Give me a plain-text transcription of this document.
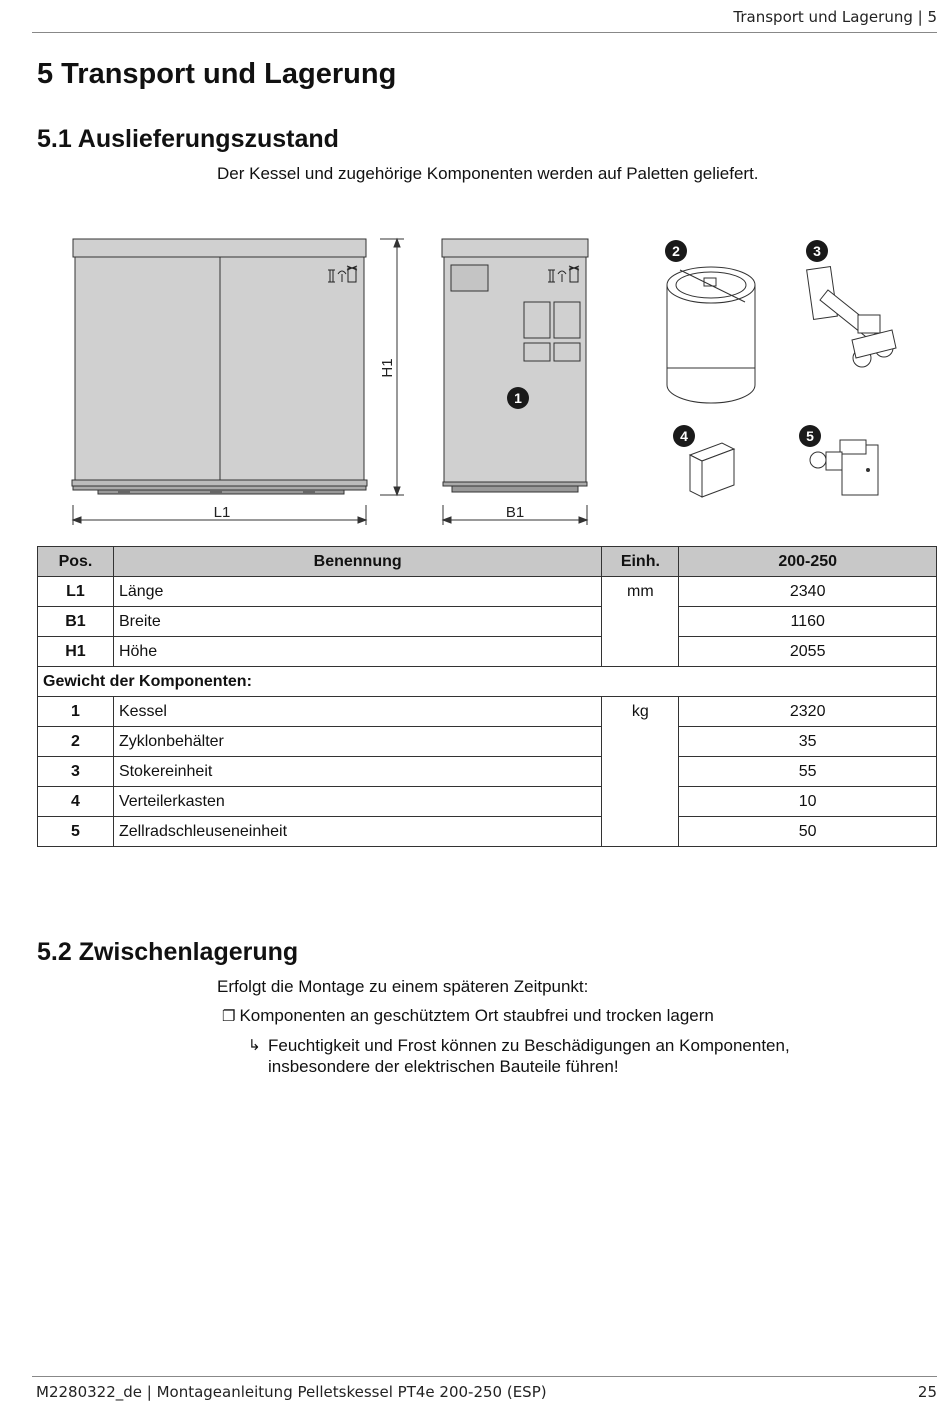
Transport und Lagerung | 5
5 Transport und Lagerung
5.1 Auslieferungszustand
Der Kessel und zugehörige Komponenten werden auf Paletten geliefert.
L1	B1
H1
1
2	3
4	5
Pos.	Benennung	Einh.	200-250
L1	Länge	mm	2340
B1	Breite		1160
H1	Höhe		2055
Gewicht der Komponenten:			
1	Kessel	kg	2320
2	Zyklonbehälter		35
3	Stokereinheit		55
4	Verteilerkasten		10
5	Zellradschleuseneinheit		50
5.2 Zwischenlagerung
Erfolgt die Montage zu einem späteren Zeitpunkt:
❐ Komponenten an geschütztem Ort staubfrei und trocken lagern
↳ Feuchtigkeit und Frost können zu Beschädigungen an Komponenten,
insbesondere der elektrischen Bauteile führen!
M2280322_de | Montageanleitung Pelletskessel PT4e 200-250 (ESP)	25
